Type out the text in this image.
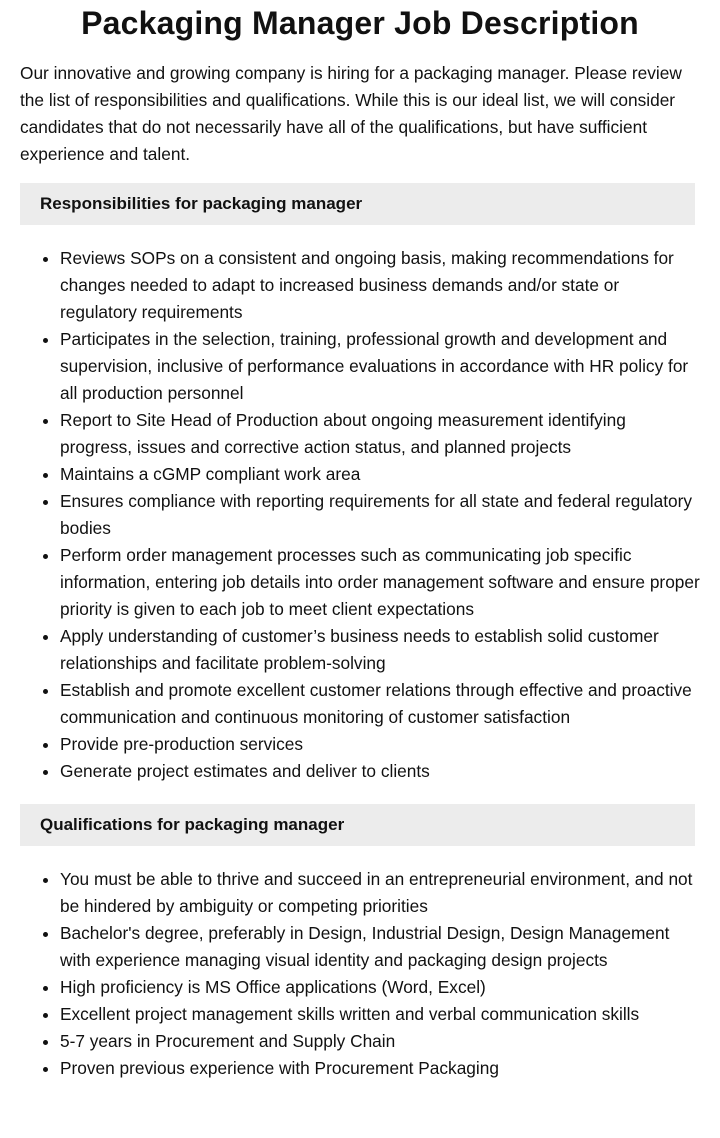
Packaging Manager Job Description

Our innovative and growing company is hiring for a packaging manager. Please review the list of responsibilities and qualifications. While this is our ideal list, we will consider candidates that do not necessarily have all of the qualifications, but have sufficient experience and talent.

Responsibilities for packaging manager
• Reviews SOPs on a consistent and ongoing basis, making recommendations for changes needed to adapt to increased business demands and/or state or regulatory requirements
• Participates in the selection, training, professional growth and development and supervision, inclusive of performance evaluations in accordance with HR policy for all production personnel
• Report to Site Head of Production about ongoing measurement identifying progress, issues and corrective action status, and planned projects
• Maintains a cGMP compliant work area
• Ensures compliance with reporting requirements for all state and federal regulatory bodies
• Perform order management processes such as communicating job specific information, entering job details into order management software and ensure proper priority is given to each job to meet client expectations
• Apply understanding of customer’s business needs to establish solid customer relationships and facilitate problem-solving
• Establish and promote excellent customer relations through effective and proactive communication and continuous monitoring of customer satisfaction
• Provide pre-production services
• Generate project estimates and deliver to clients
Qualifications for packaging manager
• You must be able to thrive and succeed in an entrepreneurial environment, and not be hindered by ambiguity or competing priorities
• Bachelor's degree, preferably in Design, Industrial Design, Design Management with experience managing visual identity and packaging design projects
• High proficiency is MS Office applications (Word, Excel)
• Excellent project management skills written and verbal communication skills
• 5-7 years in Procurement and Supply Chain
• Proven previous experience with Procurement Packaging
